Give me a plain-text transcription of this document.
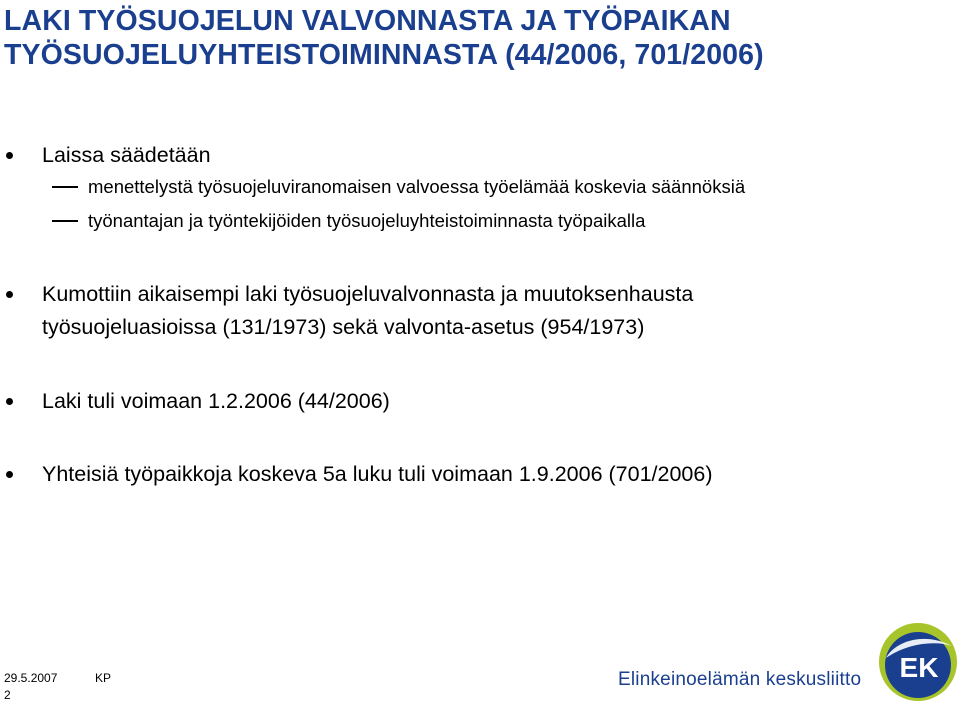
LAKI TYÖSUOJELUN VALVONNASTA JA TYÖPAIKAN
TYÖSUOJELUYHTEISTOIMINNASTA (44/2006, 701/2006)
Laissa säädetään
menettelystä työsuojeluviranomaisen valvoessa työelämää koskevia säännöksiä
työnantajan ja työntekijöiden työsuojeluyhteistoiminnasta työpaikalla
Kumottiin aikaisempi laki työsuojeluvalvonnasta ja muutoksenhausta
työsuojeluasioissa (131/1973) sekä valvonta-asetus (954/1973)
Laki tuli voimaan 1.2.2006 (44/2006)
Yhteisiä työpaikkoja koskeva 5a luku tuli voimaan 1.9.2006 (701/2006)
29.5.2007	KP
2
Elinkeinoelämän keskusliitto EK
